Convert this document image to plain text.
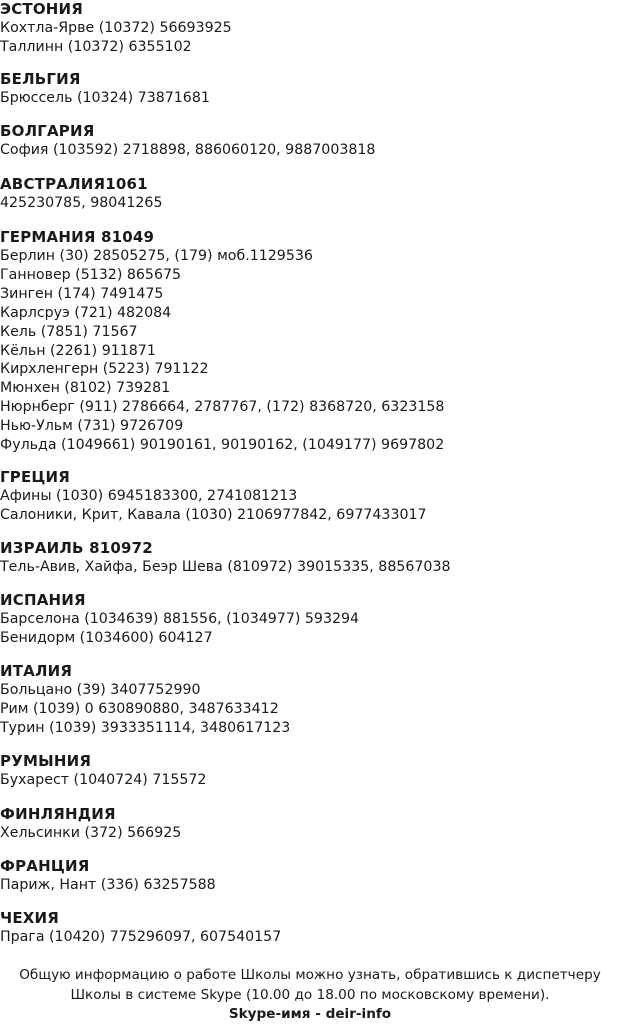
ЭСТОНИЯ
Кохтла-Ярве (10372) 56693925
Таллинн (10372) 6355102
БЕЛЬГИЯ
Брюссель (10324) 73871681
БОЛГАРИЯ
София (103592) 2718898, 886060120, 9887003818
АВСТРАЛИЯ1061
425230785, 98041265
ГЕРМАНИЯ 81049
Берлин (30) 28505275, (179) моб.1129536
Ганновер (5132) 865675
Зинген (174) 7491475
Карлсруэ (721) 482084
Кель (7851) 71567
Кёльн (2261) 911871
Кирхленгерн (5223) 791122
Мюнхен (8102) 739281
Нюрнберг (911) 2786664, 2787767, (172) 8368720, 6323158
Нью-Ульм (731) 9726709
Фульда (1049661) 90190161, 90190162, (1049177) 9697802
ГРЕЦИЯ
Афины (1030) 6945183300, 2741081213
Салоники, Крит, Кавала (1030) 2106977842, 6977433017
ИЗРАИЛЬ 810972
Тель-Авив, Хайфа, Беэр Шева (810972) 39015335, 88567038
ИСПАНИЯ
Барселона (1034639) 881556, (1034977) 593294
Бенидорм (1034600) 604127
ИТАЛИЯ
Больцано (39) 3407752990
Рим (1039) 0 630890880, 3487633412
Турин (1039) 3933351114, 3480617123
РУМЫНИЯ
Бухарест (1040724) 715572
ФИНЛЯНДИЯ
Хельсинки (372) 566925
ФРАНЦИЯ
Париж, Нант (336) 63257588
ЧЕХИЯ
Прага (10420) 775296097, 607540157

Общую информацию о работе Школы можно узнать, обратившись к диспетчеру

Школы в системе Skype (10.00 до 18.00 по московскому времени).

Skype-имя - deir-info
